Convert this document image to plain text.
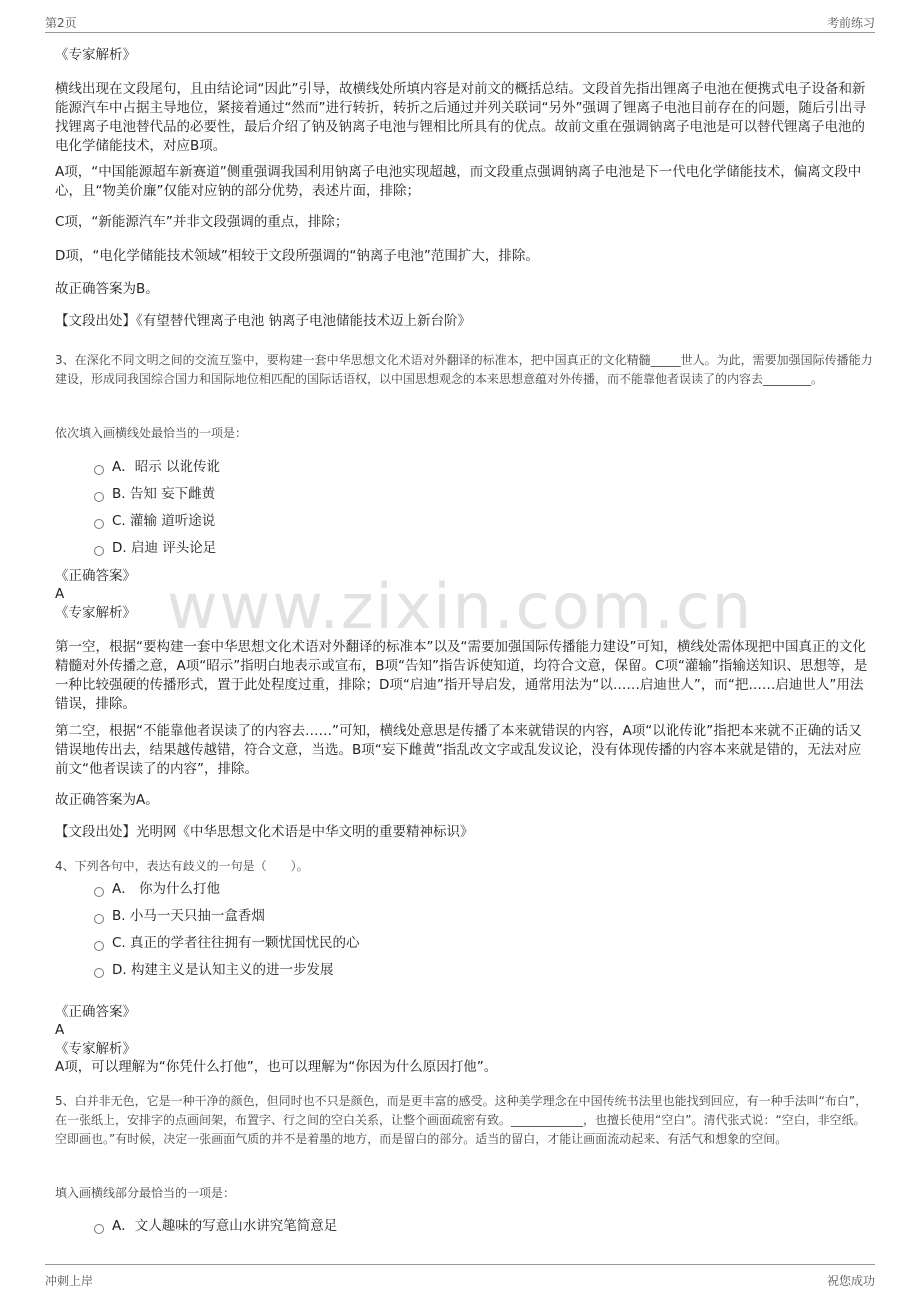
第2页	考前练习
www.zixin.com.cn
《专家解析》
横线出现在文段尾句，且由结论词“因此”引导，故横线处所填内容是对前文的概括总结。文段首先指出锂离子电池在便携式电子设备和新能源汽车中占据主导地位，紧接着通过“然而”进行转折，转折之后通过并列关联词“另外”强调了锂离子电池目前存在的问题，随后引出寻找锂离子电池替代品的必要性，最后介绍了钠及钠离子电池与锂相比所具有的优点。故前文重在强调钠离子电池是可以替代锂离子电池的电化学储能技术，对应B项。
A项，“中国能源超车新赛道”侧重强调我国利用钠离子电池实现超越，而文段重点强调钠离子电池是下一代电化学储能技术，偏离文段中心，且“物美价廉”仅能对应钠的部分优势，表述片面，排除；
C项，“新能源汽车”并非文段强调的重点，排除；
D项，“电化学储能技术领域”相较于文段所强调的“钠离子电池”范围扩大，排除。
故正确答案为B。
【文段出处】《有望替代锂离子电池 钠离子电池储能技术迈上新台阶》
3、在深化不同文明之间的交流互鉴中，要构建一套中华思想文化术语对外翻译的标准本，把中国真正的文化精髓_____世人。为此，需要加强国际传播能力建设，形成同我国综合国力和国际地位相匹配的国际话语权，以中国思想观念的本来思想意蕴对外传播，而不能靠他者误读了的内容去________。
依次填入画横线处最恰当的一项是：
A．昭示 以讹传讹
B. 告知 妄下雌黄
C. 灌输 道听途说
D. 启迪 评头论足
《正确答案》
A
《专家解析》
第一空，根据“要构建一套中华思想文化术语对外翻译的标准本”以及“需要加强国际传播能力建设”可知，横线处需体现把中国真正的文化精髓对外传播之意，A项“昭示”指明白地表示或宣布，B项“告知”指告诉使知道，均符合文意，保留。C项“灌输”指输送知识、思想等，是一种比较强硬的传播形式，置于此处程度过重，排除；D项“启迪”指开导启发，通常用法为“以……启迪世人”，而“把……启迪世人”用法错误，排除。
第二空，根据“不能靠他者误读了的内容去……”可知，横线处意思是传播了本来就错误的内容，A项“以讹传讹”指把本来就不正确的话又错误地传出去，结果越传越错，符合文意，当选。B项“妄下雌黄”指乱改文字或乱发议论，没有体现传播的内容本来就是错的，无法对应前文“他者误读了的内容”，排除。
故正确答案为A。
【文段出处】光明网《中华思想文化术语是中华文明的重要精神标识》
4、下列各句中，表达有歧义的一句是（　　）。
A． 你为什么打他
B. 小马一天只抽一盒香烟
C. 真正的学者往往拥有一颗忧国忧民的心
D. 构建主义是认知主义的进一步发展
《正确答案》
A
《专家解析》
A项，可以理解为“你凭什么打他”，也可以理解为“你因为什么原因打他”。
5、白并非无色，它是一种干净的颜色，但同时也不只是颜色，而是更丰富的感受。这种美学理念在中国传统书法里也能找到回应，有一种手法叫“布白”，在一张纸上，安排字的点画间架，布置字、行之间的空白关系，让整个画面疏密有致。____________，也擅长使用“空白”。清代张式说：“空白，非空纸。空即画也。”有时候，决定一张画面气质的并不是着墨的地方，而是留白的部分。适当的留白，才能让画面流动起来、有活气和想象的空间。
填入画横线部分最恰当的一项是：
A．文人趣味的写意山水讲究笔简意足
冲刺上岸	祝您成功
